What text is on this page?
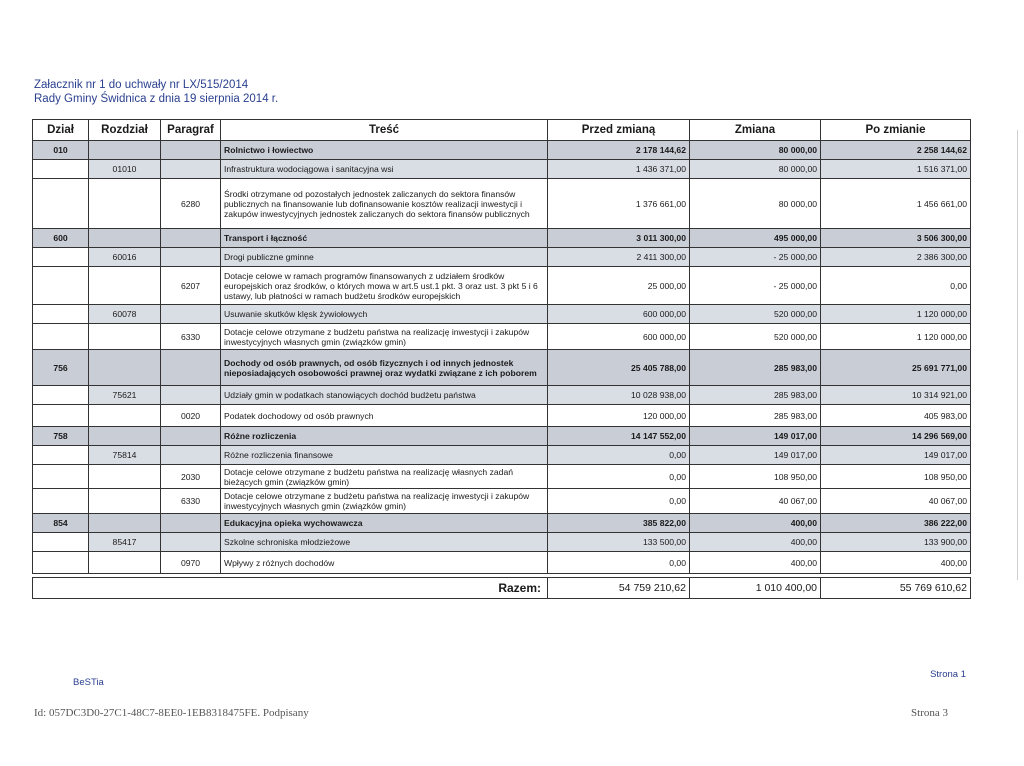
Załacznik nr 1 do uchwały nr LX/515/2014
Rady Gminy Świdnica z dnia 19 sierpnia 2014 r.
Dział	Rozdział	Paragraf	Treść	Przed zmianą	Zmiana	Po zmianie
010			Rolnictwo i łowiectwo	2 178 144,62	80 000,00	2 258 144,62
	01010		Infrastruktura wodociągowa i sanitacyjna wsi	1 436 371,00	80 000,00	1 516 371,00
		6280	Środki otrzymane od pozostałych jednostek zaliczanych do sektora finansów publicznych na finansowanie lub dofinansowanie kosztów realizacji inwestycji i zakupów inwestycyjnych jednostek zaliczanych do sektora finansów publicznych	1 376 661,00	80 000,00	1 456 661,00
600			Transport i łączność	3 011 300,00	495 000,00	3 506 300,00
	60016		Drogi publiczne gminne	2 411 300,00	- 25 000,00	2 386 300,00
		6207	Dotacje celowe w ramach programów finansowanych z udziałem środków europejskich oraz środków, o których mowa w art.5 ust.1 pkt. 3 oraz ust. 3 pkt 5 i 6 ustawy, lub płatności w ramach budżetu środków europejskich	25 000,00	- 25 000,00	0,00
	60078		Usuwanie skutków klęsk żywiołowych	600 000,00	520 000,00	1 120 000,00
		6330	Dotacje celowe otrzymane z budżetu państwa na realizację inwestycji i zakupów inwestycyjnych własnych gmin (związków gmin)	600 000,00	520 000,00	1 120 000,00
756			Dochody od osób prawnych, od osób fizycznych i od innych jednostek nieposiadających osobowości prawnej oraz wydatki związane z ich poborem	25 405 788,00	285 983,00	25 691 771,00
	75621		Udziały gmin w podatkach stanowiących dochód budżetu państwa	10 028 938,00	285 983,00	10 314 921,00
		0020	Podatek dochodowy od osób prawnych	120 000,00	285 983,00	405 983,00
758			Różne rozliczenia	14 147 552,00	149 017,00	14 296 569,00
	75814		Różne rozliczenia finansowe	0,00	149 017,00	149 017,00
		2030	Dotacje celowe otrzymane z budżetu państwa na realizację własnych zadań bieżących gmin (związków gmin)	0,00	108 950,00	108 950,00
		6330	Dotacje celowe otrzymane z budżetu państwa na realizację inwestycji i zakupów inwestycyjnych własnych gmin (związków gmin)	0,00	40 067,00	40 067,00
854			Edukacyjna opieka wychowawcza	385 822,00	400,00	386 222,00
	85417		Szkolne schroniska młodzieżowe	133 500,00	400,00	133 900,00
		0970	Wpływy z różnych dochodów	0,00	400,00	400,00
Razem:	54 759 210,62	1 010 400,00	55 769 610,62
BeSTia
Strona 1
Id: 057DC3D0-27C1-48C7-8EE0-1EB8318475FE. Podpisany	Strona 3
